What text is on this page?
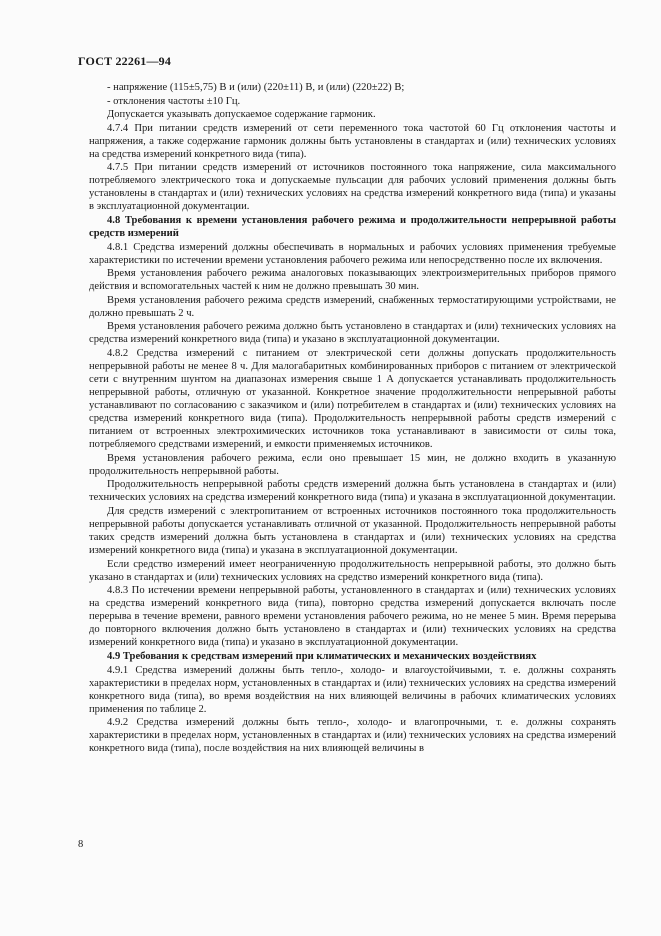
ГОСТ 22261—94

- напряжение (115±5,75) В и (или) (220±11) В, и (или) (220±22) В;

- отклонения частоты ±10 Гц.

Допускается указывать допускаемое содержание гармоник.

4.7.4 При питании средств измерений от сети переменного тока частотой 60 Гц отклонения частоты и напряжения, а также содержание гармоник должны быть установлены в стандартах и (или) технических условиях на средства измерений конкретного вида (типа).

4.7.5 При питании средств измерений от источников постоянного тока напряжение, сила максимального потребляемого электрического тока и допускаемые пульсации для рабочих условий применения должны быть установлены в стандартах и (или) технических условиях на средства измерений конкретного вида (типа) и указаны в эксплуатационной документации.

4.8 Требования к времени установления рабочего режима и продолжительности непрерывной работы средств измерений

4.8.1 Средства измерений должны обеспечивать в нормальных и рабочих условиях применения требуемые характеристики по истечении времени установления рабочего режима или непосредственно после их включения.

Время установления рабочего режима аналоговых показывающих электроизмерительных приборов прямого действия и вспомогательных частей к ним не должно превышать 30 мин.

Время установления рабочего режима средств измерений, снабженных термостатирующими устройствами, не должно превышать 2 ч.

Время установления рабочего режима должно быть установлено в стандартах и (или) технических условиях на средства измерений конкретного вида (типа) и указано в эксплуатационной документации.

4.8.2 Средства измерений с питанием от электрической сети должны допускать продолжительность непрерывной работы не менее 8 ч. Для малогабаритных комбинированных приборов с питанием от электрической сети с внутренним шунтом на диапазонах измерения свыше 1 А допускается устанавливать продолжительность непрерывной работы, отличную от указанной. Конкретное значение продолжительности непрерывной работы устанавливают по согласованию с заказчиком и (или) потребителем в стандартах и (или) технических условиях на средства измерений конкретного вида (типа). Продолжительность непрерывной работы средств измерений с питанием от встроенных электрохимических источников тока устанавливают в зависимости от силы тока, потребляемого средствами измерений, и емкости применяемых источников.

Время установления рабочего режима, если оно превышает 15 мин, не должно входить в указанную продолжительность непрерывной работы.

Продолжительность непрерывной работы средств измерений должна быть установлена в стандартах и (или) технических условиях на средства измерений конкретного вида (типа) и указана в эксплуатационной документации.

Для средств измерений с электропитанием от встроенных источников постоянного тока продолжительность непрерывной работы допускается устанавливать отличной от указанной. Продолжительность непрерывной работы таких средств измерений должна быть установлена в стандартах и (или) технических условиях на средства измерений конкретного вида (типа) и указана в эксплуатационной документации.

Если средство измерений имеет неограниченную продолжительность непрерывной работы, это должно быть указано в стандартах и (или) технических условиях на средство измерений конкретного вида (типа).

4.8.3 По истечении времени непрерывной работы, установленного в стандартах и (или) технических условиях на средства измерений конкретного вида (типа), повторно средства измерений допускается включать после перерыва в течение времени, равного времени установления рабочего режима, но не менее 5 мин. Время перерыва до повторного включения должно быть установлено в стандартах и (или) технических условиях на средства измерений конкретного вида (типа) и указано в эксплуатационной документации.

4.9 Требования к средствам измерений при климатических и механических воздействиях

4.9.1 Средства измерений должны быть тепло-, холодо- и влагоустойчивыми, т. е. должны сохранять характеристики в пределах норм, установленных в стандартах и (или) технических условиях на средства измерений конкретного вида (типа), во время воздействия на них влияющей величины в рабочих климатических условиях применения по таблице 2.

4.9.2 Средства измерений должны быть тепло-, холодо- и влагопрочными, т. е. должны сохранять характеристики в пределах норм, установленных в стандартах и (или) технических условиях на средства измерений конкретного вида (типа), после воздействия на них влияющей величины в

8
